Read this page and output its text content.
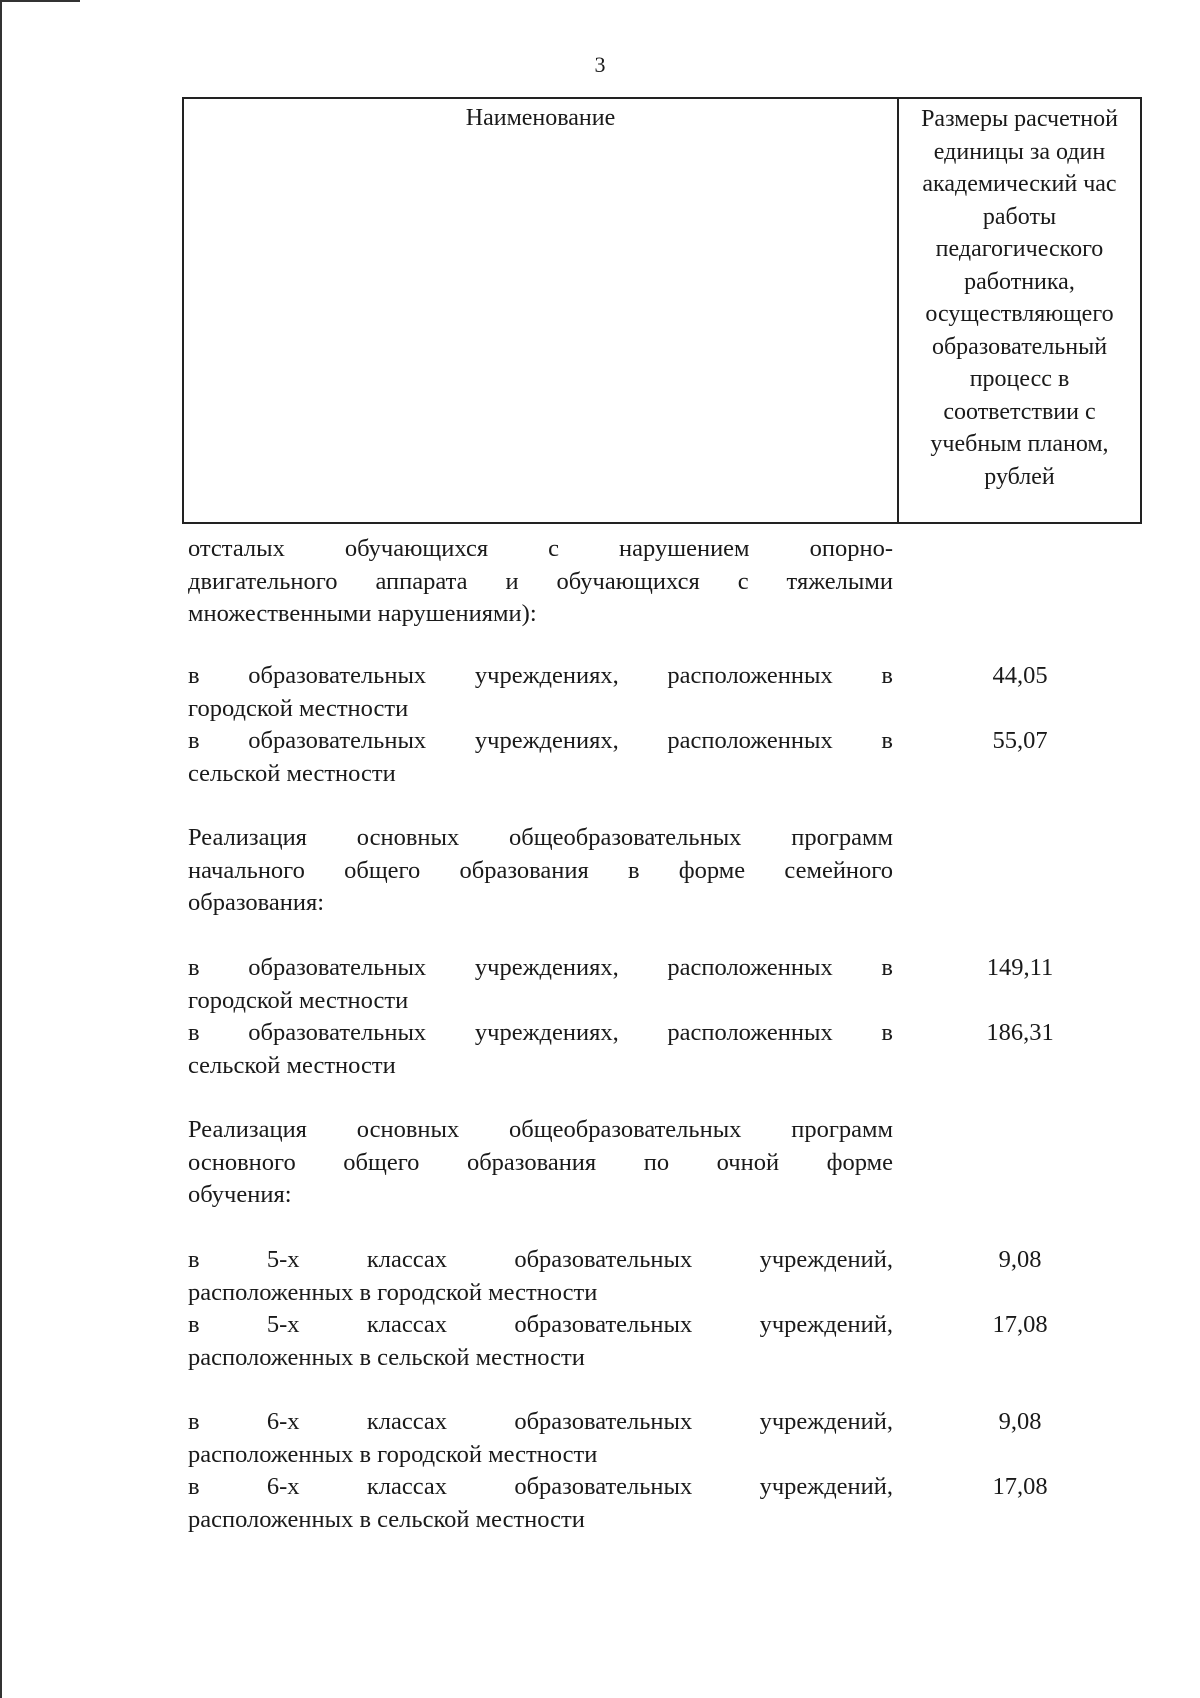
3
Наименование	Размеры расчетной единицы за один академический час работы педагогического работника, осуществляющего образовательный процесс в соответствии с учебным планом, рублей
отсталых обучающихся с нарушением опорно-
двигательного аппарата и обучающихся с тяжелыми
множественными нарушениями):
в образовательных учреждениях, расположенных в
городской местности
44,05
в образовательных учреждениях, расположенных в
сельской местности
55,07
Реализация основных общеобразовательных программ
начального общего образования в форме семейного
образования:
в образовательных учреждениях, расположенных в
городской местности
149,11
в образовательных учреждениях, расположенных в
сельской местности
186,31
Реализация основных общеобразовательных программ
основного общего образования по очной форме
обучения:
в 5-х классах образовательных учреждений,
расположенных в городской местности
9,08
в 5-х классах образовательных учреждений,
расположенных в сельской местности
17,08
в 6-х классах образовательных учреждений,
расположенных в городской местности
9,08
в 6-х классах образовательных учреждений,
расположенных в сельской местности
17,08
